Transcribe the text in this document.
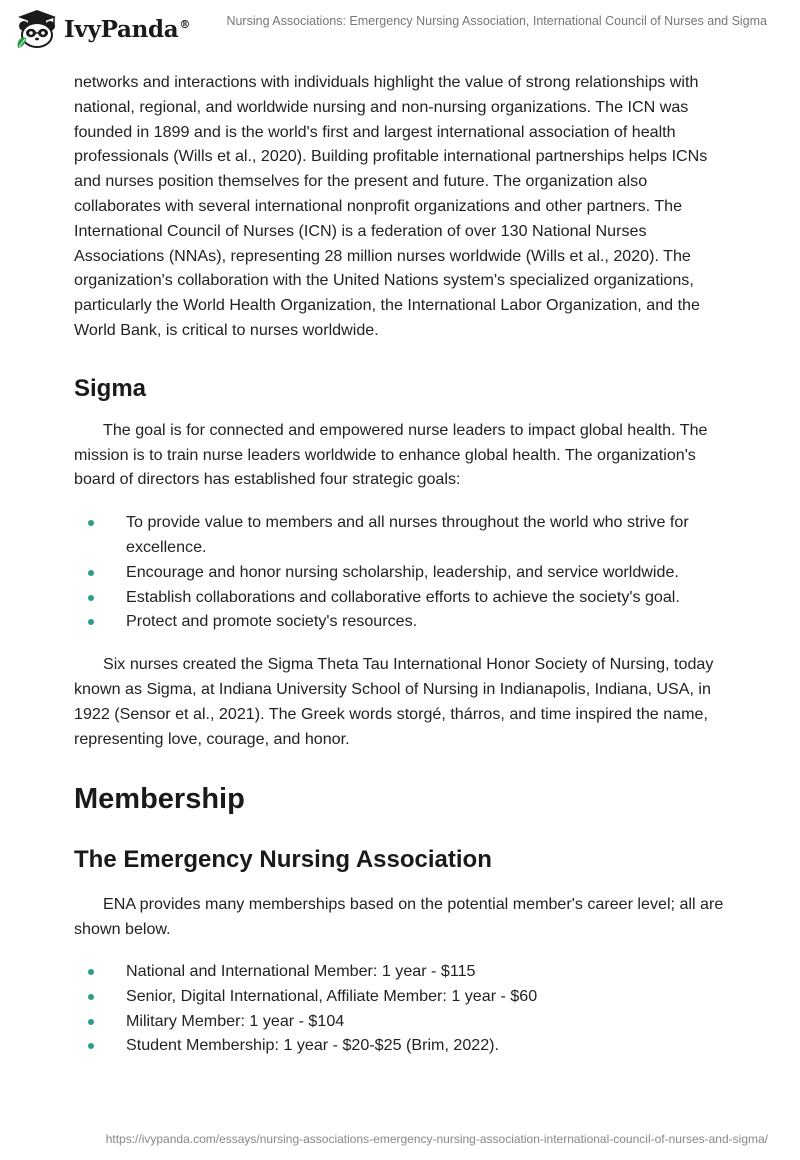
IvyPanda®	Nursing Associations: Emergency Nursing Association, International Council of Nurses and Sigma

networks and interactions with individuals highlight the value of strong relationships with national, regional, and worldwide nursing and non-nursing organizations. The ICN was founded in 1899 and is the world's first and largest international association of health professionals (Wills et al., 2020). Building profitable international partnerships helps ICNs and nurses position themselves for the present and future. The organization also collaborates with several international nonprofit organizations and other partners. The International Council of Nurses (ICN) is a federation of over 130 National Nurses Associations (NNAs), representing 28 million nurses worldwide (Wills et al., 2020). The organization's collaboration with the United Nations system's specialized organizations, particularly the World Health Organization, the International Labor Organization, and the World Bank, is critical to nurses worldwide.

Sigma

The goal is for connected and empowered nurse leaders to impact global health. The mission is to train nurse leaders worldwide to enhance global health. The organization's board of directors has established four strategic goals:

To provide value to members and all nurses throughout the world who strive for excellence.
Encourage and honor nursing scholarship, leadership, and service worldwide.
Establish collaborations and collaborative efforts to achieve the society's goal.
Protect and promote society's resources.

Six nurses created the Sigma Theta Tau International Honor Society of Nursing, today known as Sigma, at Indiana University School of Nursing in Indianapolis, Indiana, USA, in 1922 (Sensor et al., 2021). The Greek words storgé, thárros, and time inspired the name, representing love, courage, and honor.

Membership
The Emergency Nursing Association

ENA provides many memberships based on the potential member's career level; all are shown below.

National and International Member: 1 year - $115
Senior, Digital International, Affiliate Member: 1 year - $60
Military Member: 1 year - $104
Student Membership: 1 year - $20-$25 (Brim, 2022).
https://ivypanda.com/essays/nursing-associations-emergency-nursing-association-international-council-of-nurses-and-sigma/
